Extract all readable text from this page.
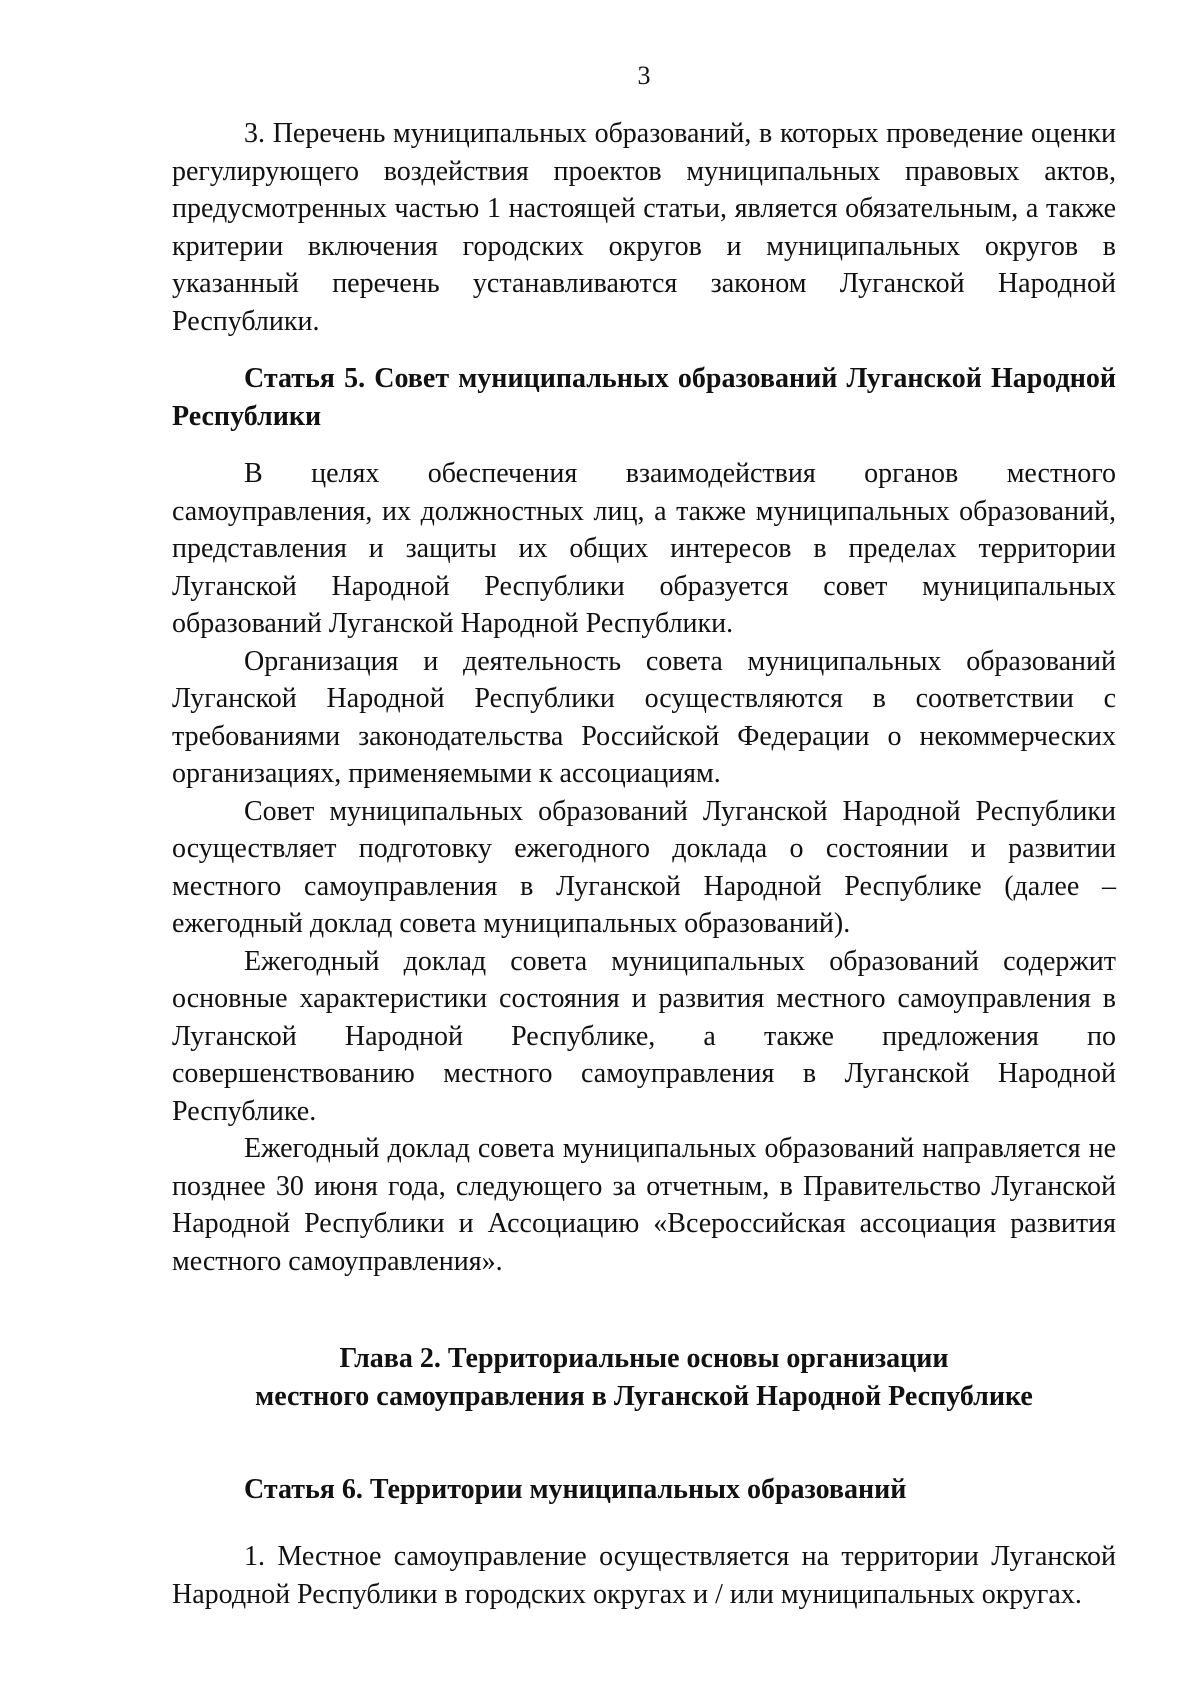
3

3. Перечень муниципальных образований, в которых проведение оценки регулирующего воздействия проектов муниципальных правовых актов, предусмотренных частью 1 настоящей статьи, является обязательным, а также критерии включения городских округов и муниципальных округов в указанный перечень устанавливаются законом Луганской Народной Республики.

Статья 5. Совет муниципальных образований Луганской Народной Республики

В целях обеспечения взаимодействия органов местного самоуправления, их должностных лиц, а также муниципальных образований, представления и защиты их общих интересов в пределах территории Луганской Народной Республики образуется совет муниципальных образований Луганской Народной Республики.

Организация и деятельность совета муниципальных образований Луганской Народной Республики осуществляются в соответствии с требованиями законодательства Российской Федерации о некоммерческих организациях, применяемыми к ассоциациям.

Совет муниципальных образований Луганской Народной Республики осуществляет подготовку ежегодного доклада о состоянии и развитии местного самоуправления в Луганской Народной Республике (далее – ежегодный доклад совета муниципальных образований).

Ежегодный доклад совета муниципальных образований содержит основные характеристики состояния и развития местного самоуправления в Луганской Народной Республике, а также предложения по совершенствованию местного самоуправления в Луганской Народной Республике.

Ежегодный доклад совета муниципальных образований направляется не позднее 30 июня года, следующего за отчетным, в Правительство Луганской Народной Республики и Ассоциацию «Всероссийская ассоциация развития местного самоуправления».

Глава 2. Территориальные основы организации
местного самоуправления в Луганской Народной Республике
Статья 6. Территории муниципальных образований

1. Местное самоуправление осуществляется на территории Луганской Народной Республики в городских округах и / или муниципальных округах.
